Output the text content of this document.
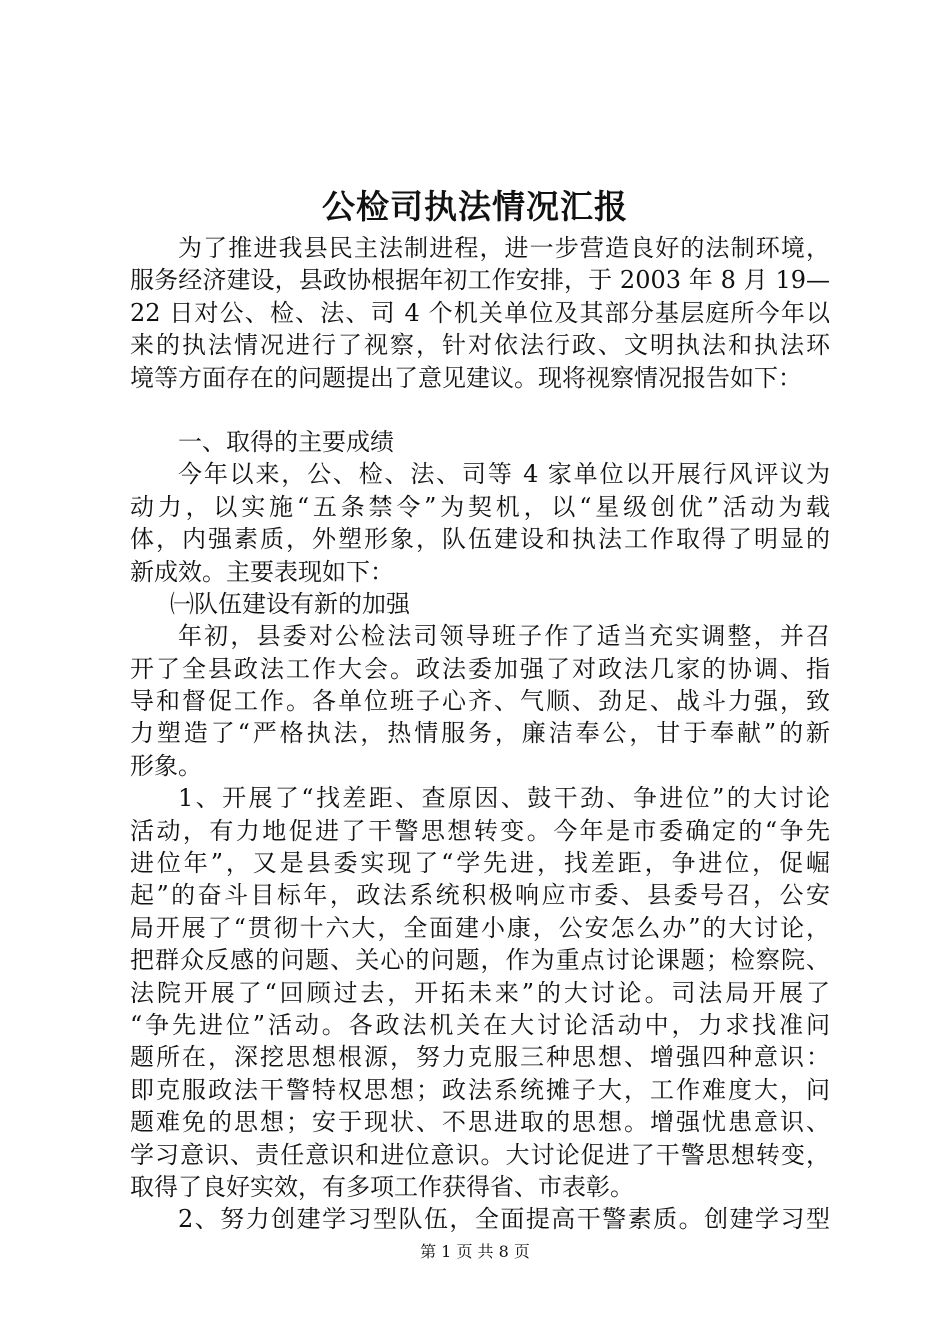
公检司执法情况汇报
为了推进我县民主法制进程，进一步营造良好的法制环境，
服务经济建设，县政协根据年初工作安排，于 2003 年 8 月 19—
22 日对公、检、法、司 4 个机关单位及其部分基层庭所今年以
来的执法情况进行了视察，针对依法行政、文明执法和执法环
境等方面存在的问题提出了意见建议。现将视察情况报告如下：
一、取得的主要成绩
今年以来，公、检、法、司等 4 家单位以开展行风评议为
动力，以实施“五条禁令”为契机，以“星级创优”活动为载
体，内强素质，外塑形象，队伍建设和执法工作取得了明显的
新成效。主要表现如下：
㈠队伍建设有新的加强
年初，县委对公检法司领导班子作了适当充实调整，并召
开了全县政法工作大会。政法委加强了对政法几家的协调、指
导和督促工作。各单位班子心齐、气顺、劲足、战斗力强，致
力塑造了“严格执法，热情服务，廉洁奉公，甘于奉献”的新
形象。
1、开展了“找差距、查原因、鼓干劲、争进位”的大讨论
活动，有力地促进了干警思想转变。今年是市委确定的“争先
进位年”，又是县委实现了“学先进，找差距，争进位，促崛
起”的奋斗目标年，政法系统积极响应市委、县委号召，公安
局开展了“贯彻十六大，全面建小康，公安怎么办”的大讨论，
把群众反感的问题、关心的问题，作为重点讨论课题；检察院、
法院开展了“回顾过去，开拓未来”的大讨论。司法局开展了
“争先进位”活动。各政法机关在大讨论活动中，力求找准问
题所在，深挖思想根源，努力克服三种思想、增强四种意识：
即克服政法干警特权思想；政法系统摊子大，工作难度大，问
题难免的思想；安于现状、不思进取的思想。增强忧患意识、
学习意识、责任意识和进位意识。大讨论促进了干警思想转变，
取得了良好实效，有多项工作获得省、市表彰。
2、努力创建学习型队伍，全面提高干警素质。创建学习型
第 1 页 共 8 页
